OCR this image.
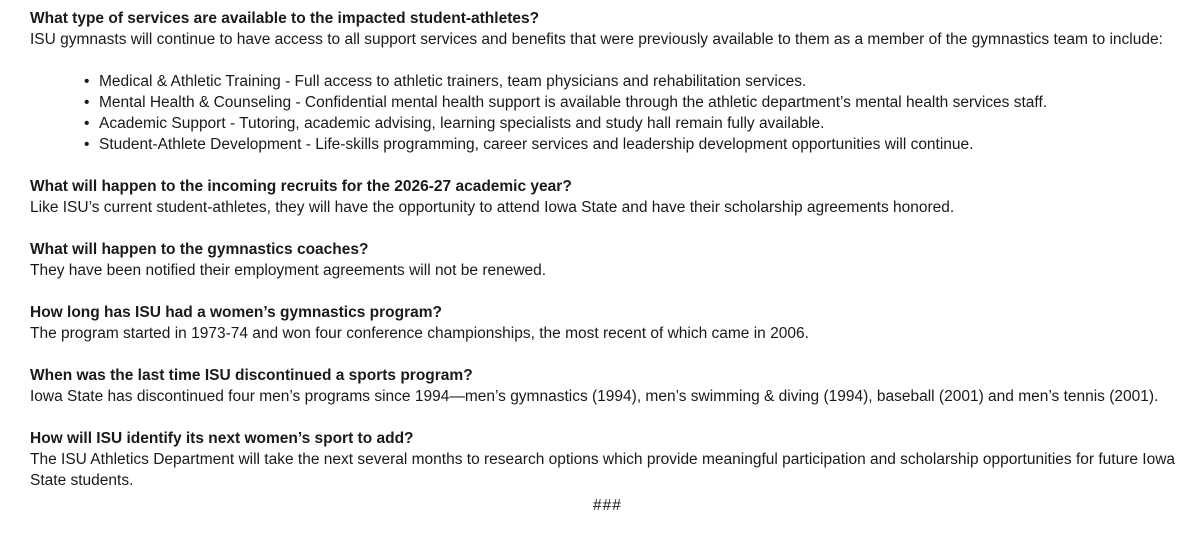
What type of services are available to the impacted student-athletes?
ISU gymnasts will continue to have access to all support services and benefits that were previously available to them as a member of the gymnastics team to include:
• Medical & Athletic Training - Full access to athletic trainers, team physicians and rehabilitation services.
• Mental Health & Counseling - Confidential mental health support is available through the athletic department’s mental health services staff.
• Academic Support - Tutoring, academic advising, learning specialists and study hall remain fully available.
• Student-Athlete Development - Life-skills programming, career services and leadership development opportunities will continue.
What will happen to the incoming recruits for the 2026-27 academic year?
Like ISU’s current student-athletes, they will have the opportunity to attend Iowa State and have their scholarship agreements honored.
What will happen to the gymnastics coaches?
They have been notified their employment agreements will not be renewed.
How long has ISU had a women’s gymnastics program?
The program started in 1973-74 and won four conference championships, the most recent of which came in 2006.
When was the last time ISU discontinued a sports program?
Iowa State has discontinued four men’s programs since 1994—men’s gymnastics (1994), men’s swimming & diving (1994), baseball (2001) and men’s tennis (2001).
How will ISU identify its next women’s sport to add?
The ISU Athletics Department will take the next several months to research options which provide meaningful participation and scholarship opportunities for future Iowa State students.
###
